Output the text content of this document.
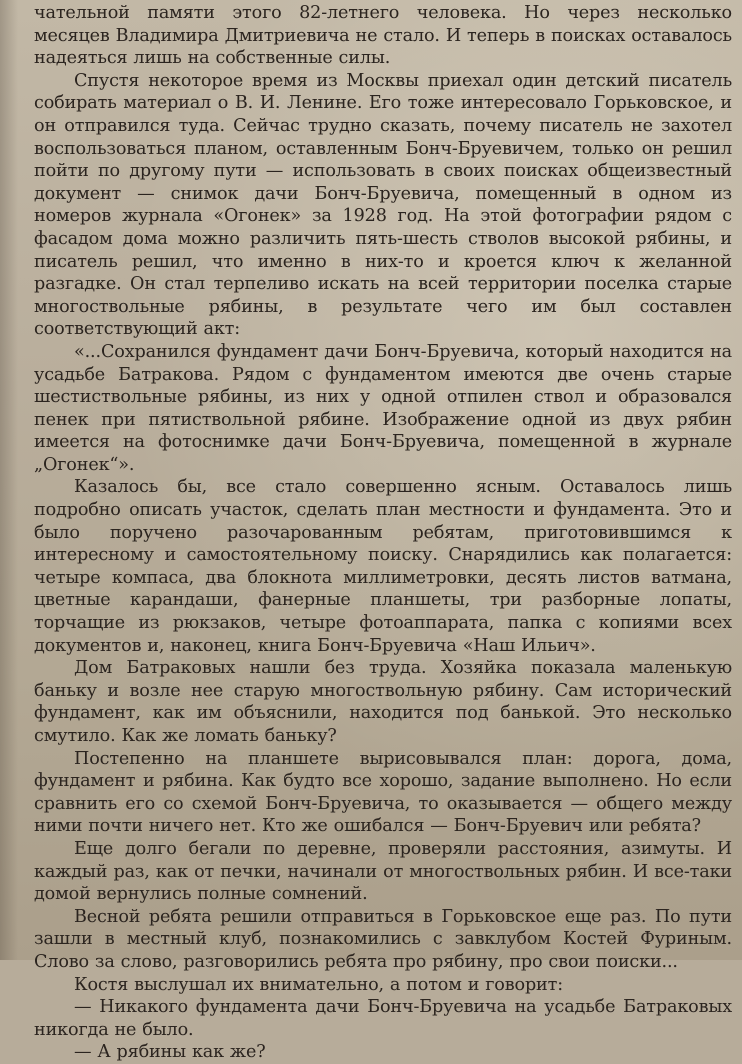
чательной памяти этого 82-летнего человека. Но через несколько месяцев Владимира Дмитриевича не стало. И теперь в поисках оставалось надеяться лишь на собственные силы.

Спустя некоторое время из Москвы приехал один детский писатель собирать материал о В. И. Ленине. Его тоже интересовало Горьковское, и он отправился туда. Сейчас трудно сказать, почему писатель не захотел воспользоваться планом, оставленным Бонч-Бруевичем, только он решил пойти по другому пути — использовать в своих поисках общеизвестный документ — снимок дачи Бонч-Бруевича, помещенный в одном из номеров журнала «Огонек» за 1928 год. На этой фотографии рядом с фасадом дома можно различить пять-шесть стволов высокой рябины, и писатель решил, что именно в них-то и кроется ключ к желанной разгадке. Он стал терпеливо искать на всей территории поселка старые многоствольные рябины, в результате чего им был составлен соответствующий акт:

«...Сохранился фундамент дачи Бонч-Бруевича, который находится на усадьбе Батракова. Рядом с фундаментом имеются две очень старые шестиствольные рябины, из них у одной отпилен ствол и образовался пенек при пятиствольной рябине. Изображение одной из двух рябин имеется на фотоснимке дачи Бонч-Бруевича, помещенной в журнале „Огонек“».

Казалось бы, все стало совершенно ясным. Оставалось лишь подробно описать участок, сделать план местности и фундамента. Это и было поручено разочарованным ребятам, приготовившимся к интересному и самостоятельному поиску. Снарядились как полагается: четыре компаса, два блокнота миллиметровки, десять листов ватмана, цветные карандаши, фанерные планшеты, три разборные лопаты, торчащие из рюкзаков, четыре фотоаппарата, папка с копиями всех документов и, наконец, книга Бонч-Бруевича «Наш Ильич».

Дом Батраковых нашли без труда. Хозяйка показала маленькую баньку и возле нее старую многоствольную рябину. Сам исторический фундамент, как им объяснили, находится под банькой. Это несколько смутило. Как же ломать баньку?

Постепенно на планшете вырисовывался план: дорога, дома, фундамент и рябина. Как будто все хорошо, задание выполнено. Но если сравнить его со схемой Бонч-Бруевича, то оказывается — общего между ними почти ничего нет. Кто же ошибался — Бонч-Бруевич или ребята?

Еще долго бегали по деревне, проверяли расстояния, азимуты. И каждый раз, как от печки, начинали от многоствольных рябин. И все-таки домой вернулись полные сомнений.

Весной ребята решили отправиться в Горьковское еще раз. По пути зашли в местный клуб, познакомились с завклубом Костей Фуриным. Слово за слово, разговорились ребята про рябину, про свои поиски...

Костя выслушал их внимательно, а потом и говорит:

— Никакого фундамента дачи Бонч-Бруевича на усадьбе Батраковых никогда не было.

— А рябины как же?
